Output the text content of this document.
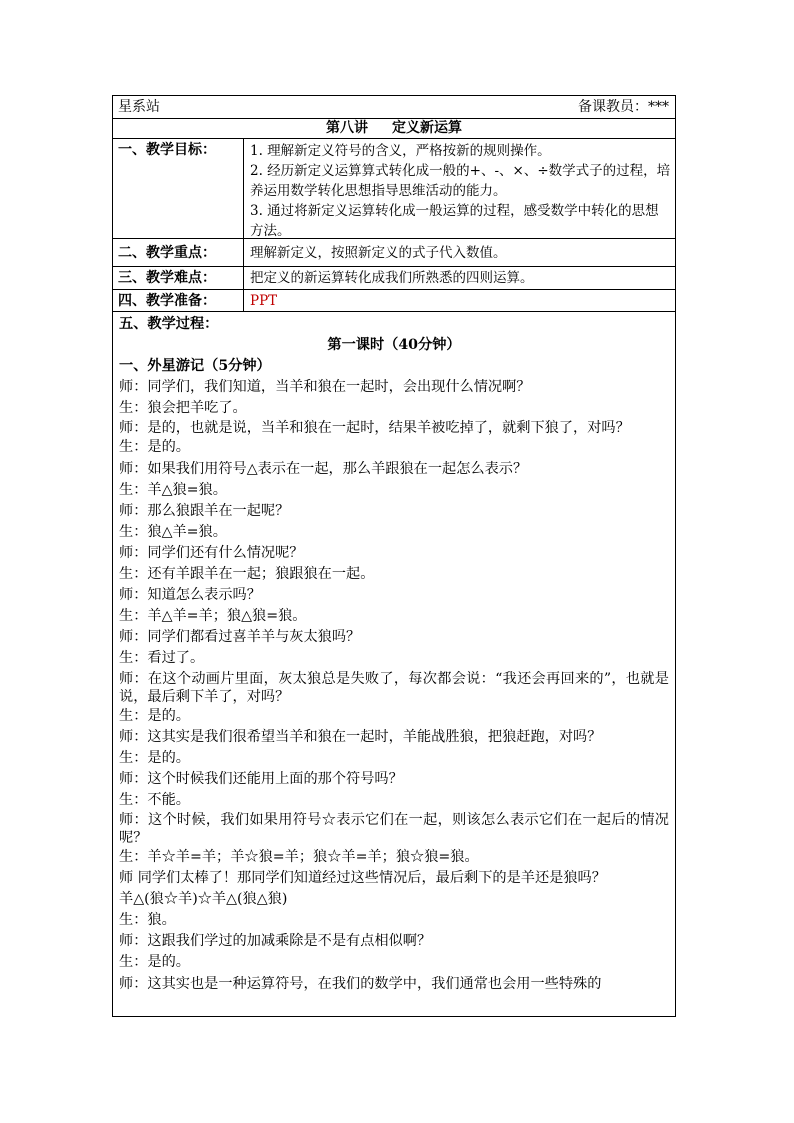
星系站	备课教员：***
第八讲 定义新运算
一、教学目标：	1. 理解新定义符号的含义，严格按新的规则操作。
2. 经历新定义运算算式转化成一般的+、-、×、÷数学式子的过程，培养运用数学转化思想指导思维活动的能力。
3. 通过将新定义运算转化成一般运算的过程，感受数学中转化的思想方法。
二、教学重点：	理解新定义，按照新定义的式子代入数值。
三、教学难点：	把定义的新运算转化成我们所熟悉的四则运算。
四、教学准备：	PPT
五、教学过程：
第一课时（40分钟）
一、外星游记（5分钟）
师：同学们，我们知道，当羊和狼在一起时，会出现什么情况啊？
生：狼会把羊吃了。
师：是的，也就是说，当羊和狼在一起时，结果羊被吃掉了，就剩下狼了，对吗？
生：是的。
师：如果我们用符号△表示在一起，那么羊跟狼在一起怎么表示？
生：羊△狼=狼。
师：那么狼跟羊在一起呢？
生：狼△羊=狼。
师：同学们还有什么情况呢？
生：还有羊跟羊在一起；狼跟狼在一起。
师：知道怎么表示吗？
生：羊△羊=羊；狼△狼=狼。
师：同学们都看过喜羊羊与灰太狼吗？
生：看过了。
师：在这个动画片里面，灰太狼总是失败了，每次都会说：“我还会再回来的”，也就是说，最后剩下羊了，对吗？
生：是的。
师：这其实是我们很希望当羊和狼在一起时，羊能战胜狼，把狼赶跑，对吗？
生：是的。
师：这个时候我们还能用上面的那个符号吗？
生：不能。
师：这个时候，我们如果用符号☆表示它们在一起，则该怎么表示它们在一起后的情况呢？
生：羊☆羊=羊；羊☆狼=羊；狼☆羊=羊；狼☆狼=狼。
师 同学们太棒了！那同学们知道经过这些情况后，最后剩下的是羊还是狼吗？
羊△(狼☆羊)☆羊△(狼△狼)
生：狼。
师：这跟我们学过的加减乘除是不是有点相似啊？
生：是的。
师：这其实也是一种运算符号，在我们的数学中，我们通常也会用一些特殊的
